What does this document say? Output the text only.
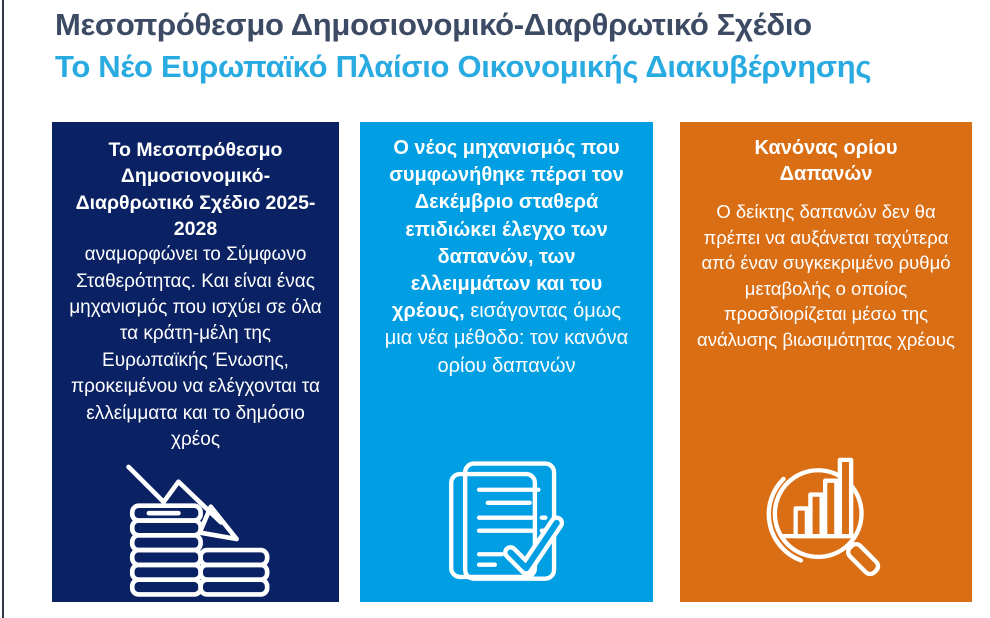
Μεσοπρόθεσμο Δημοσιονομικό-Διαρθρωτικό Σχέδιο
Το Νέο Ευρωπαϊκό Πλαίσιο Οικονομικής Διακυβέρνησης

Το Μεσοπρόθεσμο Δημοσιονομικό-Διαρθρωτικό Σχέδιο 2025-2028

αναμορφώνει το Σύμφωνο Σταθερότητας. Και είναι ένας μηχανισμός που ισχύει σε όλα τα κράτη-μέλη της Ευρωπαϊκής Ένωσης, προκειμένου να ελέγχονται τα ελλείμματα και το δημόσιο χρέος

Ο νέος μηχανισμός που συμφωνήθηκε πέρσι τον Δεκέμβριο σταθερά επιδιώκει έλεγχο των δαπανών, των ελλειμμάτων και του χρέους, εισάγοντας όμως μια νέα μέθοδο: τον κανόνα ορίου δαπανών

Κανόνας ορίου Δαπανών

Ο δείκτης δαπανών δεν θα πρέπει να αυξάνεται ταχύτερα από έναν συγκεκριμένο ρυθμό μεταβολής ο οποίος προσδιορίζεται μέσω της ανάλυσης βιωσιμότητας χρέους
